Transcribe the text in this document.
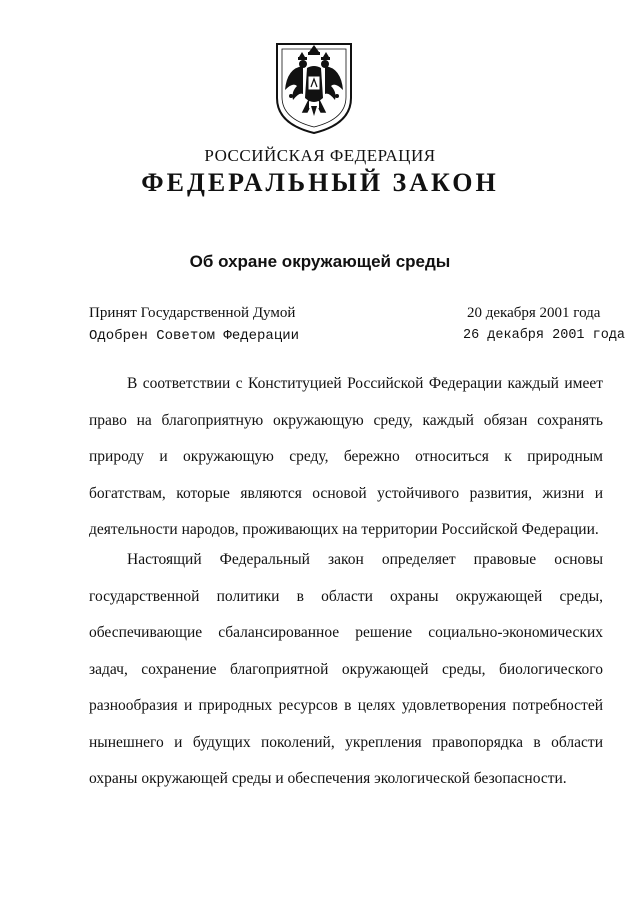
РОССИЙСКАЯ ФЕДЕРАЦИЯ
ФЕДЕРАЛЬНЫЙ ЗАКОН
Об охране окружающей среды
Принят Государственной Думой	20 декабря 2001 года
Одобрен Советом Федерации	26 декабря 2001 года

В соответствии с Конституцией Российской Федерации каждый имеет право на благоприятную окружающую среду, каждый обязан сохранять природу и окружающую среду, бережно относиться к природным богатствам, которые являются основой устойчивого развития, жизни и деятельности народов, проживающих на территории Российской Федерации.

Настоящий Федеральный закон определяет правовые основы государственной политики в области охраны окружающей среды, обеспечивающие сбалансированное решение социально-экономических задач, сохранение благоприятной окружающей среды, биологического разнообразия и природных ресурсов в целях удовлетворения потребностей нынешнего и будущих поколений, укрепления правопорядка в области охраны окружающей среды и обеспечения экологической безопасности.
